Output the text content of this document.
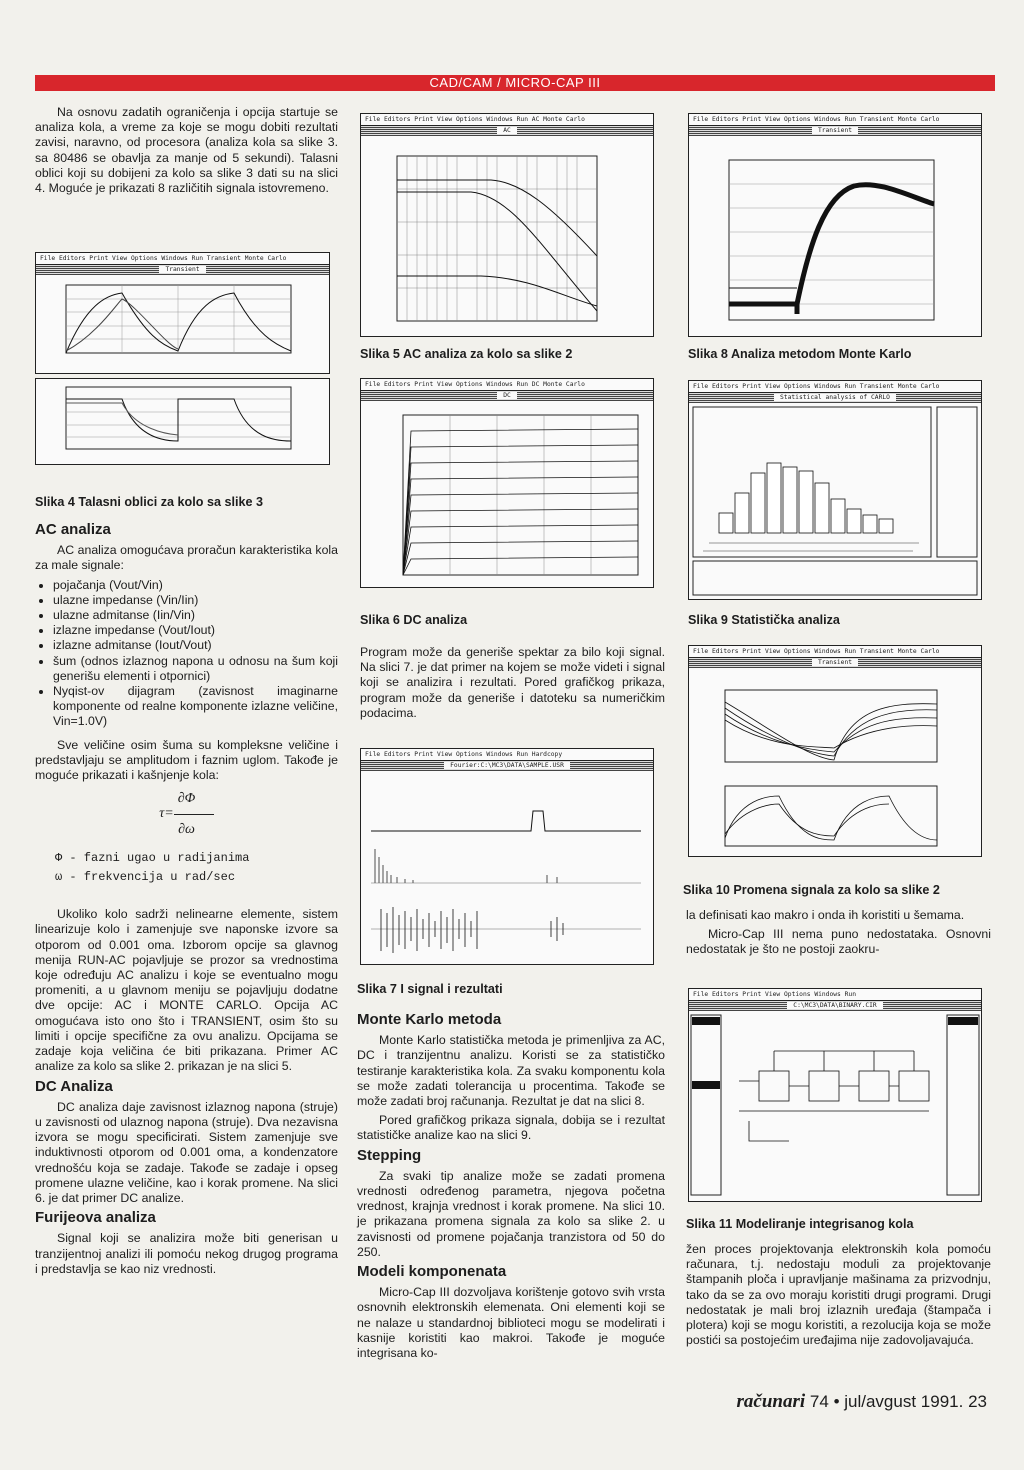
CAD/CAM / MICRO-CAP III

Na osnovu zadatih ograničenja i opcija startuje se analiza kola, a vreme za koje se mogu dobiti rezultati zavisi, naravno, od procesora (analiza kola sa slike 3. sa 80486 se obavlja za manje od 5 sekundi). Talasni oblici koji su dobijeni za kolo sa slike 3 dati su na slici 4. Moguće je prikazati 8 različitih signala istovremeno.

File Editors Print View Options Windows Run Transient Monte Carlo
Transient
Slika 4 Talasni oblici za kolo sa slike 3
AC analiza

AC analiza omogućava proračun karakteristika kola za male signale:

• pojačanja (Vout/Vin)
• ulazne impedanse (Vin/Iin)
• ulazne admitanse (Iin/Vin)
• izlazne impedanse (Vout/Iout)
• izlazne admitanse (Iout/Vout)
• šum (odnos izlaznog napona u odnosu na šum koji generišu elementi i otpornici)
• Nyqist-ov dijagram (zavisnost imaginarne komponente od realne komponente izlazne veličine, Vin=1.0V)

Sve veličine osim šuma su kompleksne veličine i predstavljaju se amplitudom i faznim uglom. Takođe je moguće prikazati i kašnjenje kola:

∂Φ
τ=
∂ω
Φ - fazni ugao u radijanima
ω - frekvencija u rad/sec

Ukoliko kolo sadrži nelinearne elemente, sistem linearizuje kolo i zamenjuje sve naponske izvore sa otporom od 0.001 oma. Izborom opcije sa glavnog menija RUN-AC pojavljuje se prozor sa vrednostima koje određuju AC analizu i koje se eventualno mogu promeniti, a u glavnom meniju se pojavljuju dodatne dve opcije: AC i MONTE CARLO. Opcija AC omogućava isto ono što i TRANSIENT, osim što su limiti i opcije specifične za ovu analizu. Opcijama se zadaje koja veličina će biti prikazana. Primer AC analize za kolo sa slike 2. prikazan je na slici 5.

DC Analiza

DC analiza daje zavisnost izlaznog napona (struje) u zavisnosti od ulaznog napona (struje). Dva nezavisna izvora se mogu specificirati. Sistem zamenjuje sve induktivnosti otporom od 0.001 oma, a kondenzatore vrednošću koja se zadaje. Takođe se zadaje i opseg promene ulazne veličine, kao i korak promene. Na slici 6. je dat primer DC analize.

Furijeova analiza

Signal koji se analizira može biti generisan u tranzijentnoj analizi ili pomoću nekog drugog programa i predstavlja se kao niz vrednosti.

File Editors Print View Options Windows Run AC Monte Carlo
AC
Slika 5 AC analiza za kolo sa slike 2
File Editors Print View Options Windows Run DC Monte Carlo
DC
Slika 6 DC analiza

Program može da generiše spektar za bilo koji signal. Na slici 7. je dat primer na kojem se može videti i signal koji se analizira i rezultati. Pored grafičkog prikaza, program može da generiše i datoteku sa numeričkim podacima.

File Editors Print View Options Windows Run Hardcopy
Fourier:C:\MC3\DATA\SAMPLE.USR
Slika 7 I signal i rezultati
Monte Karlo metoda

Monte Karlo statistička metoda je primenljiva za AC, DC i tranzijentnu analizu. Koristi se za statističko testiranje karakteristika kola. Za svaku komponentu kola se može zadati tolerancija u procentima. Takođe se može zadati broj računanja. Rezultat je dat na slici 8.

Pored grafičkog prikaza signala, dobija se i rezultat statističke analize kao na slici 9.

Stepping

Za svaki tip analize može se zadati promena vrednosti određenog parametra, njegova početna vrednost, krajnja vrednost i korak promene. Na slici 10. je prikazana promena signala za kolo sa slike 2. u zavisnosti od promene pojačanja tranzistora od 50 do 250.

Modeli komponenata

Micro-Cap III dozvoljava korištenje gotovo svih vrsta osnovnih elektronskih elemenata. Oni elementi koji se ne nalaze u standardnoj biblioteci mogu se modelirati i kasnije koristiti kao makroi. Takođe je moguće integrisana ko-

File Editors Print View Options Windows Run Transient Monte Carlo
Transient
Slika 8 Analiza metodom Monte Karlo
File Editors Print View Options Windows Run Transient Monte Carlo
Statistical analysis of CARLO
Slika 9 Statistička analiza
File Editors Print View Options Windows Run Transient Monte Carlo
Transient
Slika 10 Promena signala za kolo sa slike 2

la definisati kao makro i onda ih koristiti u šemama.

Micro-Cap III nema puno nedostataka. Osnovni nedostatak je što ne postoji zaokru-

File Editors Print View Options Windows Run
C:\MC3\DATA\BINARY.CIR
Slika 11 Modeliranje integrisanog kola

žen proces projektovanja elektronskih kola pomoću računara, t.j. nedostaju moduli za projektovanje štampanih ploča i upravljanje mašinama za prizvodnju, tako da se za ovo moraju koristiti drugi programi. Drugi nedostatak je mali broj izlaznih uređaja (štampača i plotera) koji se mogu koristiti, a rezolucija koja se može postići sa postojećim uređajima nije zadovoljavajuća.

računari 74 • jul/avgust 1991. 23
